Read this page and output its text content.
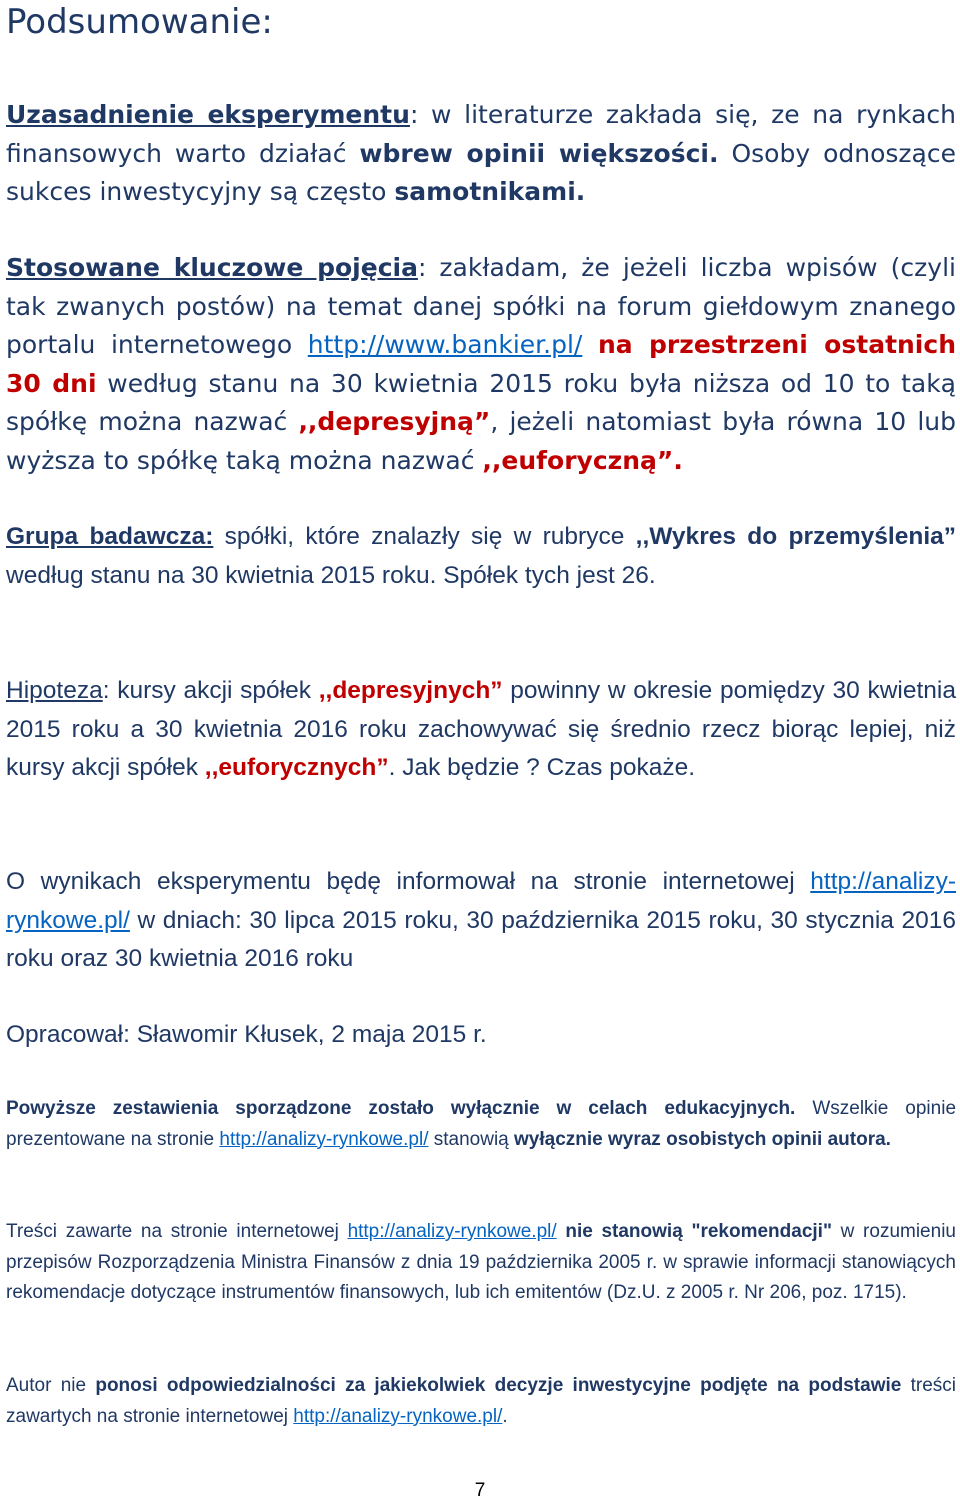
Podsumowanie:

Uzasadnienie eksperymentu: w literaturze zakłada się, ze na rynkach finansowych warto działać wbrew opinii większości. Osoby odnoszące sukces inwestycyjny są często samotnikami.

Stosowane kluczowe pojęcia: zakładam, że jeżeli liczba wpisów (czyli tak zwanych postów) na temat danej spółki na forum giełdowym znanego portalu internetowego http://www.bankier.pl/ na przestrzeni ostatnich 30 dni według stanu na 30 kwietnia 2015 roku była niższa od 10 to taką spółkę można nazwać ,,depresyjną”, jeżeli natomiast była równa 10 lub wyższa to spółkę taką można nazwać ,,euforyczną”.

Grupa badawcza: spółki, które znalazły się w rubryce ,,Wykres do przemyślenia” według stanu na 30 kwietnia 2015 roku. Spółek tych jest 26.

Hipoteza: kursy akcji spółek ,,depresyjnych” powinny w okresie pomiędzy 30 kwietnia 2015 roku a 30 kwietnia 2016 roku zachowywać się średnio rzecz biorąc lepiej, niż kursy akcji spółek ,,euforycznych”. Jak będzie ? Czas pokaże.

O wynikach eksperymentu będę informował na stronie internetowej http://analizy-rynkowe.pl/ w dniach: 30 lipca 2015 roku, 30 października 2015 roku, 30 stycznia 2016 roku oraz 30 kwietnia 2016 roku

Opracował: Sławomir Kłusek, 2 maja 2015 r.

Powyższe zestawienia sporządzone zostało wyłącznie w celach edukacyjnych. Wszelkie opinie prezentowane na stronie http://analizy-rynkowe.pl/ stanowią wyłącznie wyraz osobistych opinii autora.

Treści zawarte na stronie internetowej http://analizy-rynkowe.pl/ nie stanowią "rekomendacji" w rozumieniu przepisów Rozporządzenia Ministra Finansów z dnia 19 października 2005 r. w sprawie informacji stanowiących rekomendacje dotyczące instrumentów finansowych, lub ich emitentów (Dz.U. z 2005 r. Nr 206, poz. 1715).

Autor nie ponosi odpowiedzialności za jakiekolwiek decyzje inwestycyjne podjęte na podstawie treści zawartych na stronie internetowej http://analizy-rynkowe.pl/.

7
